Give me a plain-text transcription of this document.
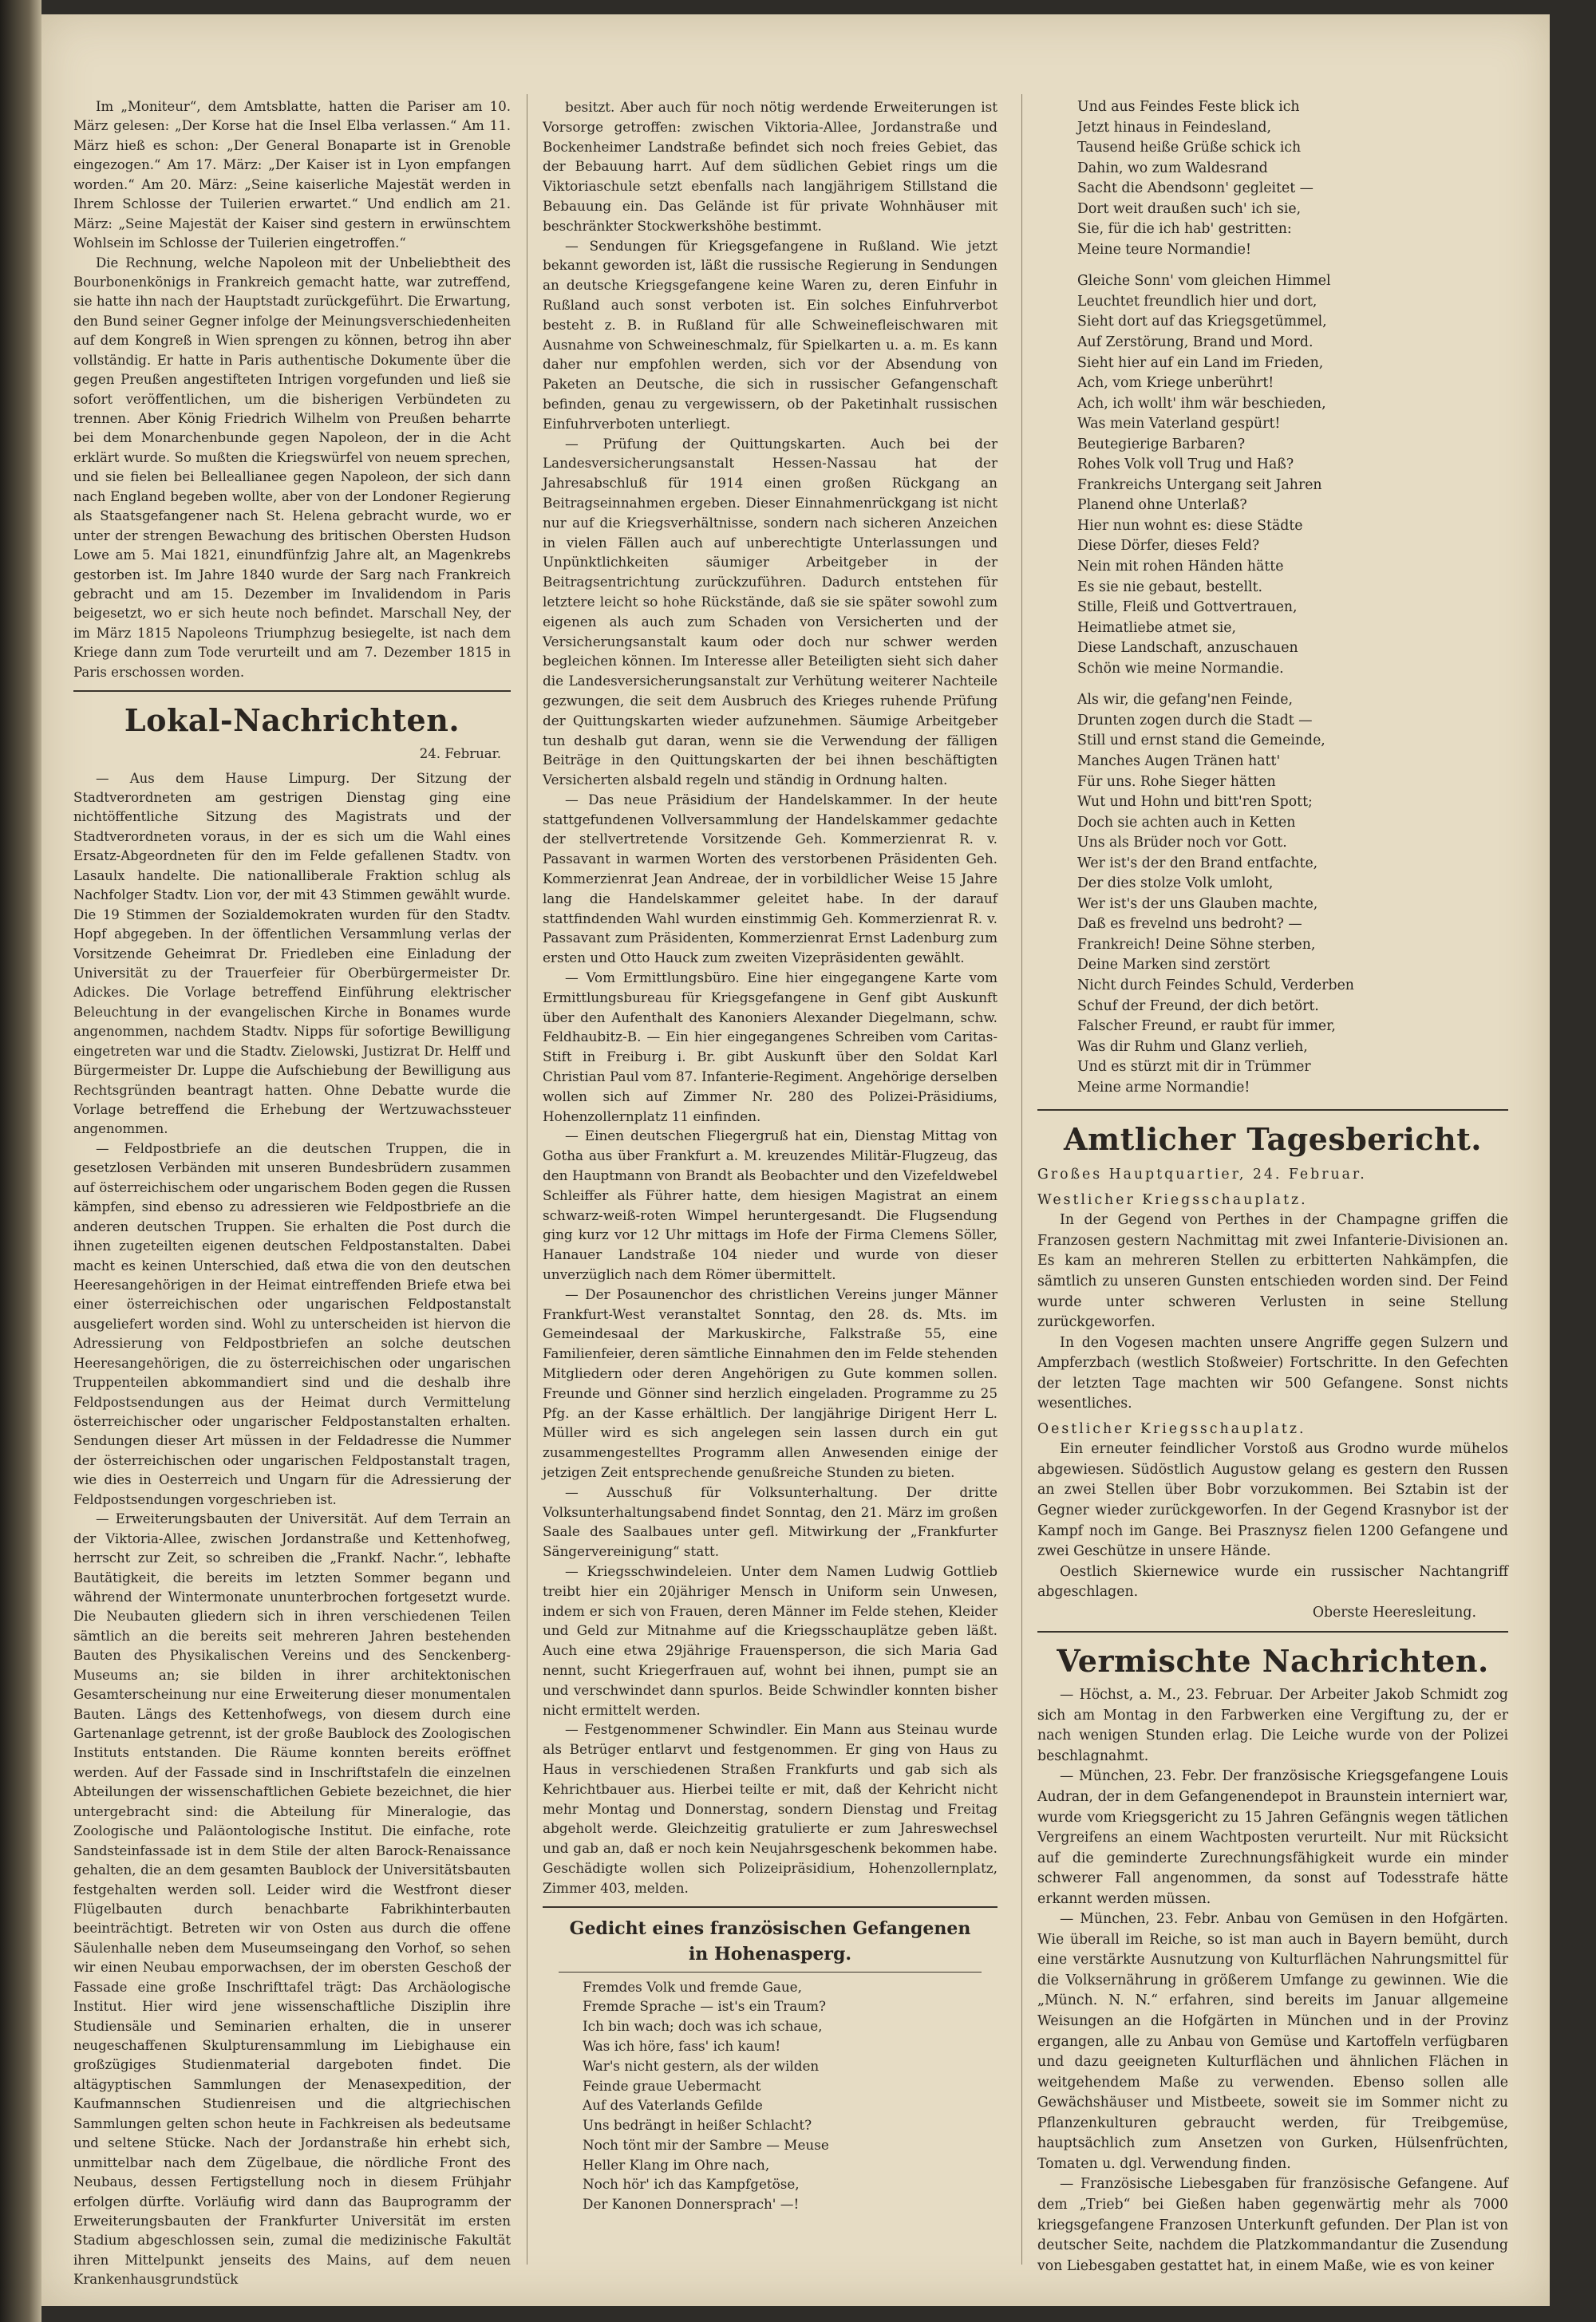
Im „Moniteur“, dem Amtsblatte, hatten die Pariser am 10. März gelesen: „Der Korse hat die Insel Elba verlassen.“ Am 11. März hieß es schon: „Der General Bonaparte ist in Grenoble eingezogen.“ Am 17. März: „Der Kaiser ist in Lyon empfangen worden.“ Am 20. März: „Seine kaiserliche Majestät werden in Ihrem Schlosse der Tuilerien erwartet.“ Und endlich am 21. März: „Seine Majestät der Kaiser sind gestern in erwünschtem Wohlsein im Schlosse der Tuilerien eingetroffen.“

Die Rechnung, welche Napoleon mit der Unbeliebtheit des Bourbonenkönigs in Frankreich gemacht hatte, war zutreffend, sie hatte ihn nach der Hauptstadt zurückgeführt. Die Erwartung, den Bund seiner Gegner infolge der Meinungsverschiedenheiten auf dem Kongreß in Wien sprengen zu können, betrog ihn aber vollständig. Er hatte in Paris authentische Dokumente über die gegen Preußen angestifteten Intrigen vorgefunden und ließ sie sofort veröffentlichen, um die bisherigen Verbündeten zu trennen. Aber König Friedrich Wilhelm von Preußen beharrte bei dem Monarchenbunde gegen Napoleon, der in die Acht erklärt wurde. So mußten die Kriegswürfel von neuem sprechen, und sie fielen bei Belleallianee gegen Napoleon, der sich dann nach England begeben wollte, aber von der Londoner Regierung als Staatsgefangener nach St. Helena gebracht wurde, wo er unter der strengen Bewachung des britischen Obersten Hudson Lowe am 5. Mai 1821, einundfünfzig Jahre alt, an Magenkrebs gestorben ist. Im Jahre 1840 wurde der Sarg nach Frankreich gebracht und am 15. Dezember im Invalidendom in Paris beigesetzt, wo er sich heute noch befindet. Marschall Ney, der im März 1815 Napoleons Triumphzug besiegelte, ist nach dem Kriege dann zum Tode verurteilt und am 7. Dezember 1815 in Paris erschossen worden.

Lokal-Nachrichten.
24. Februar.

— Aus dem Hause Limpurg. Der Sitzung der Stadtverordneten am gestrigen Dienstag ging eine nichtöffentliche Sitzung des Magistrats und der Stadtverordneten voraus, in der es sich um die Wahl eines Ersatz-Abgeordneten für den im Felde gefallenen Stadtv. von Lasaulx handelte. Die nationalliberale Fraktion schlug als Nachfolger Stadtv. Lion vor, der mit 43 Stimmen gewählt wurde. Die 19 Stimmen der Sozialdemokraten wurden für den Stadtv. Hopf abgegeben. In der öffentlichen Versammlung verlas der Vorsitzende Geheimrat Dr. Friedleben eine Einladung der Universität zu der Trauerfeier für Oberbürgermeister Dr. Adickes. Die Vorlage betreffend Einführung elektrischer Beleuchtung in der evangelischen Kirche in Bonames wurde angenommen, nachdem Stadtv. Nipps für sofortige Bewilligung eingetreten war und die Stadtv. Zielowski, Justizrat Dr. Helff und Bürgermeister Dr. Luppe die Aufschiebung der Bewilligung aus Rechtsgründen beantragt hatten. Ohne Debatte wurde die Vorlage betreffend die Erhebung der Wertzuwachssteuer angenommen.

— Feldpostbriefe an die deutschen Truppen, die in gesetzlosen Verbänden mit unseren Bundesbrüdern zusammen auf österreichischem oder ungarischem Boden gegen die Russen kämpfen, sind ebenso zu adressieren wie Feldpostbriefe an die anderen deutschen Truppen. Sie erhalten die Post durch die ihnen zugeteilten eigenen deutschen Feldpostanstalten. Dabei macht es keinen Unterschied, daß etwa die von den deutschen Heeresangehörigen in der Heimat eintreffenden Briefe etwa bei einer österreichischen oder ungarischen Feldpostanstalt ausgeliefert worden sind. Wohl zu unterscheiden ist hiervon die Adressierung von Feldpostbriefen an solche deutschen Heeresangehörigen, die zu österreichischen oder ungarischen Truppenteilen abkommandiert sind und die deshalb ihre Feldpostsendungen aus der Heimat durch Vermittelung österreichischer oder ungarischer Feldpostanstalten erhalten. Sendungen dieser Art müssen in der Feldadresse die Nummer der österreichischen oder ungarischen Feldpostanstalt tragen, wie dies in Oesterreich und Ungarn für die Adressierung der Feldpostsendungen vorgeschrieben ist.

— Erweiterungsbauten der Universität. Auf dem Terrain an der Viktoria-Allee, zwischen Jordanstraße und Kettenhofweg, herrscht zur Zeit, so schreiben die „Frankf. Nachr.“, lebhafte Bautätigkeit, die bereits im letzten Sommer begann und während der Wintermonate ununterbrochen fortgesetzt wurde. Die Neubauten gliedern sich in ihren verschiedenen Teilen sämtlich an die bereits seit mehreren Jahren bestehenden Bauten des Physikalischen Vereins und des Senckenberg-Museums an; sie bilden in ihrer architektonischen Gesamterscheinung nur eine Erweiterung dieser monumentalen Bauten. Längs des Kettenhofwegs, von diesem durch eine Gartenanlage getrennt, ist der große Baublock des Zoologischen Instituts entstanden. Die Räume konnten bereits eröffnet werden. Auf der Fassade sind in Inschriftstafeln die einzelnen Abteilungen der wissenschaftlichen Gebiete bezeichnet, die hier untergebracht sind: die Abteilung für Mineralogie, das Zoologische und Paläontologische Institut. Die einfache, rote Sandsteinfassade ist in dem Stile der alten Barock-Renaissance gehalten, die an dem gesamten Baublock der Universitätsbauten festgehalten werden soll. Leider wird die Westfront dieser Flügelbauten durch benachbarte Fabrikhinterbauten beeinträchtigt. Betreten wir von Osten aus durch die offene Säulenhalle neben dem Museumseingang den Vorhof, so sehen wir einen Neubau emporwachsen, der im obersten Geschoß der Fassade eine große Inschrifttafel trägt: Das Archäologische Institut. Hier wird jene wissenschaftliche Disziplin ihre Studiensäle und Seminarien erhalten, die in unserer neugeschaffenen Skulpturensammlung im Liebighause ein großzügiges Studienmaterial dargeboten findet. Die altägyptischen Sammlungen der Menasexpedition, der Kaufmannschen Studienreisen und die altgriechischen Sammlungen gelten schon heute in Fachkreisen als bedeutsame und seltene Stücke. Nach der Jordanstraße hin erhebt sich, unmittelbar nach dem Zügelbaue, die nördliche Front des Neubaus, dessen Fertigstellung noch in diesem Frühjahr erfolgen dürfte. Vorläufig wird dann das Bauprogramm der Erweiterungsbauten der Frankfurter Universität im ersten Stadium abgeschlossen sein, zumal die medizinische Fakultät ihren Mittelpunkt jenseits des Mains, auf dem neuen Krankenhausgrundstück

besitzt. Aber auch für noch nötig werdende Erweiterungen ist Vorsorge getroffen: zwischen Viktoria-Allee, Jordanstraße und Bockenheimer Landstraße befindet sich noch freies Gebiet, das der Bebauung harrt. Auf dem südlichen Gebiet rings um die Viktoriaschule setzt ebenfalls nach langjährigem Stillstand die Bebauung ein. Das Gelände ist für private Wohnhäuser mit beschränkter Stockwerkshöhe bestimmt.

— Sendungen für Kriegsgefangene in Rußland. Wie jetzt bekannt geworden ist, läßt die russische Regierung in Sendungen an deutsche Kriegsgefangene keine Waren zu, deren Einfuhr in Rußland auch sonst verboten ist. Ein solches Einfuhrverbot besteht z. B. in Rußland für alle Schweinefleischwaren mit Ausnahme von Schweineschmalz, für Spielkarten u. a. m. Es kann daher nur empfohlen werden, sich vor der Absendung von Paketen an Deutsche, die sich in russischer Gefangenschaft befinden, genau zu vergewissern, ob der Paketinhalt russischen Einfuhrverboten unterliegt.

— Prüfung der Quittungskarten. Auch bei der Landesversicherungsanstalt Hessen-Nassau hat der Jahresabschluß für 1914 einen großen Rückgang an Beitragseinnahmen ergeben. Dieser Einnahmenrückgang ist nicht nur auf die Kriegsverhältnisse, sondern nach sicheren Anzeichen in vielen Fällen auch auf unberechtigte Unterlassungen und Unpünktlichkeiten säumiger Arbeitgeber in der Beitragsentrichtung zurückzuführen. Dadurch entstehen für letztere leicht so hohe Rückstände, daß sie sie später sowohl zum eigenen als auch zum Schaden von Versicherten und der Versicherungsanstalt kaum oder doch nur schwer werden begleichen können. Im Interesse aller Beteiligten sieht sich daher die Landesversicherungsanstalt zur Verhütung weiterer Nachteile gezwungen, die seit dem Ausbruch des Krieges ruhende Prüfung der Quittungskarten wieder aufzunehmen. Säumige Arbeitgeber tun deshalb gut daran, wenn sie die Verwendung der fälligen Beiträge in den Quittungskarten der bei ihnen beschäftigten Versicherten alsbald regeln und ständig in Ordnung halten.

— Das neue Präsidium der Handelskammer. In der heute stattgefundenen Vollversammlung der Handelskammer gedachte der stellvertretende Vorsitzende Geh. Kommerzienrat R. v. Passavant in warmen Worten des verstorbenen Präsidenten Geh. Kommerzienrat Jean Andreae, der in vorbildlicher Weise 15 Jahre lang die Handelskammer geleitet habe. In der darauf stattfindenden Wahl wurden einstimmig Geh. Kommerzienrat R. v. Passavant zum Präsidenten, Kommerzienrat Ernst Ladenburg zum ersten und Otto Hauck zum zweiten Vizepräsidenten gewählt.

— Vom Ermittlungsbüro. Eine hier eingegangene Karte vom Ermittlungsbureau für Kriegsgefangene in Genf gibt Auskunft über den Aufenthalt des Kanoniers Alexander Diegelmann, schw. Feldhaubitz-B. — Ein hier eingegangenes Schreiben vom Caritas-Stift in Freiburg i. Br. gibt Auskunft über den Soldat Karl Christian Paul vom 87. Infanterie-Regiment. Angehörige derselben wollen sich auf Zimmer Nr. 280 des Polizei-Präsidiums, Hohenzollernplatz 11 einfinden.

— Einen deutschen Fliegergruß hat ein, Dienstag Mittag von Gotha aus über Frankfurt a. M. kreuzendes Militär-Flugzeug, das den Hauptmann von Brandt als Beobachter und den Vizefeldwebel Schleiffer als Führer hatte, dem hiesigen Magistrat an einem schwarz-weiß-roten Wimpel heruntergesandt. Die Flugsendung ging kurz vor 12 Uhr mittags im Hofe der Firma Clemens Söller, Hanauer Landstraße 104 nieder und wurde von dieser unverzüglich nach dem Römer übermittelt.

— Der Posaunenchor des christlichen Vereins junger Männer Frankfurt-West veranstaltet Sonntag, den 28. ds. Mts. im Gemeindesaal der Markuskirche, Falkstraße 55, eine Familienfeier, deren sämtliche Einnahmen den im Felde stehenden Mitgliedern oder deren Angehörigen zu Gute kommen sollen. Freunde und Gönner sind herzlich eingeladen. Programme zu 25 Pfg. an der Kasse erhältlich. Der langjährige Dirigent Herr L. Müller wird es sich angelegen sein lassen durch ein gut zusammengestelltes Programm allen Anwesenden einige der jetzigen Zeit entsprechende genußreiche Stunden zu bieten.

— Ausschuß für Volksunterhaltung. Der dritte Volksunterhaltungsabend findet Sonntag, den 21. März im großen Saale des Saalbaues unter gefl. Mitwirkung der „Frankfurter Sängervereinigung“ statt.

— Kriegsschwindeleien. Unter dem Namen Ludwig Gottlieb treibt hier ein 20jähriger Mensch in Uniform sein Unwesen, indem er sich von Frauen, deren Männer im Felde stehen, Kleider und Geld zur Mitnahme auf die Kriegsschauplätze geben läßt. Auch eine etwa 29jährige Frauensperson, die sich Maria Gad nennt, sucht Kriegerfrauen auf, wohnt bei ihnen, pumpt sie an und verschwindet dann spurlos. Beide Schwindler konnten bisher nicht ermittelt werden.

— Festgenommener Schwindler. Ein Mann aus Steinau wurde als Betrüger entlarvt und festgenommen. Er ging von Haus zu Haus in verschiedenen Straßen Frankfurts und gab sich als Kehrichtbauer aus. Hierbei teilte er mit, daß der Kehricht nicht mehr Montag und Donnerstag, sondern Dienstag und Freitag abgeholt werde. Gleichzeitig gratulierte er zum Jahreswechsel und gab an, daß er noch kein Neujahrsgeschenk bekommen habe. Geschädigte wollen sich Polizeipräsidium, Hohenzollernplatz, Zimmer 403, melden.

Gedicht eines französischen Gefangenen
in Hohenasperg.
Fremdes Volk und fremde Gaue,
Fremde Sprache — ist's ein Traum?
Ich bin wach; doch was ich schaue,
Was ich höre, fass' ich kaum!
War's nicht gestern, als der wilden
Feinde graue Uebermacht
Auf des Vaterlands Gefilde
Uns bedrängt in heißer Schlacht?
Noch tönt mir der Sambre — Meuse
Heller Klang im Ohre nach,
Noch hör' ich das Kampfgetöse,
Der Kanonen Donnersprach' —!
Und aus Feindes Feste blick ich
Jetzt hinaus in Feindesland,
Tausend heiße Grüße schick ich
Dahin, wo zum Waldesrand
Sacht die Abendsonn' gegleitet —
Dort weit draußen such' ich sie,
Sie, für die ich hab' gestritten:
Meine teure Normandie!
Gleiche Sonn' vom gleichen Himmel
Leuchtet freundlich hier und dort,
Sieht dort auf das Kriegsgetümmel,
Auf Zerstörung, Brand und Mord.
Sieht hier auf ein Land im Frieden,
Ach, vom Kriege unberührt!
Ach, ich wollt' ihm wär beschieden,
Was mein Vaterland gespürt!
Beutegierige Barbaren?
Rohes Volk voll Trug und Haß?
Frankreichs Untergang seit Jahren
Planend ohne Unterlaß?
Hier nun wohnt es: diese Städte
Diese Dörfer, dieses Feld?
Nein mit rohen Händen hätte
Es sie nie gebaut, bestellt.
Stille, Fleiß und Gottvertrauen,
Heimatliebe atmet sie,
Diese Landschaft, anzuschauen
Schön wie meine Normandie.
Als wir, die gefang'nen Feinde,
Drunten zogen durch die Stadt —
Still und ernst stand die Gemeinde,
Manches Augen Tränen hatt'
Für uns. Rohe Sieger hätten
Wut und Hohn und bitt'ren Spott;
Doch sie achten auch in Ketten
Uns als Brüder noch vor Gott.
Wer ist's der den Brand entfachte,
Der dies stolze Volk umloht,
Wer ist's der uns Glauben machte,
Daß es frevelnd uns bedroht? —
Frankreich! Deine Söhne sterben,
Deine Marken sind zerstört
Nicht durch Feindes Schuld, Verderben
Schuf der Freund, der dich betört.
Falscher Freund, er raubt für immer,
Was dir Ruhm und Glanz verlieh,
Und es stürzt mit dir in Trümmer
Meine arme Normandie!
Amtlicher Tagesbericht.

Großes Hauptquartier, 24. Februar.

Westlicher Kriegsschauplatz.

In der Gegend von Perthes in der Champagne griffen die Franzosen gestern Nachmittag mit zwei Infanterie-Divisionen an. Es kam an mehreren Stellen zu erbitterten Nahkämpfen, die sämtlich zu unseren Gunsten entschieden worden sind. Der Feind wurde unter schweren Verlusten in seine Stellung zurückgeworfen.

In den Vogesen machten unsere Angriffe gegen Sulzern und Ampferzbach (westlich Stoßweier) Fortschritte. In den Gefechten der letzten Tage machten wir 500 Gefangene. Sonst nichts wesentliches.

Oestlicher Kriegsschauplatz.

Ein erneuter feindlicher Vorstoß aus Grodno wurde mühelos abgewiesen. Südöstlich Augustow gelang es gestern den Russen an zwei Stellen über Bobr vorzukommen. Bei Sztabin ist der Gegner wieder zurückgeworfen. In der Gegend Krasnybor ist der Kampf noch im Gange. Bei Prasznysz fielen 1200 Gefangene und zwei Geschütze in unsere Hände.

Oestlich Skiernewice wurde ein russischer Nachtangriff abgeschlagen.

Oberste Heeresleitung.
Vermischte Nachrichten.

— Höchst, a. M., 23. Februar. Der Arbeiter Jakob Schmidt zog sich am Montag in den Farbwerken eine Vergiftung zu, der er nach wenigen Stunden erlag. Die Leiche wurde von der Polizei beschlagnahmt.

— München, 23. Febr. Der französische Kriegsgefangene Louis Audran, der in dem Gefangenendepot in Braunstein interniert war, wurde vom Kriegsgericht zu 15 Jahren Gefängnis wegen tätlichen Vergreifens an einem Wachtposten verurteilt. Nur mit Rücksicht auf die geminderte Zurechnungsfähigkeit wurde ein minder schwerer Fall angenommen, da sonst auf Todesstrafe hätte erkannt werden müssen.

— München, 23. Febr. Anbau von Gemüsen in den Hofgärten. Wie überall im Reiche, so ist man auch in Bayern bemüht, durch eine verstärkte Ausnutzung von Kulturflächen Nahrungsmittel für die Volksernährung in größerem Umfange zu gewinnen. Wie die „Münch. N. N.“ erfahren, sind bereits im Januar allgemeine Weisungen an die Hofgärten in München und in der Provinz ergangen, alle zu Anbau von Gemüse und Kartoffeln verfügbaren und dazu geeigneten Kulturflächen und ähnlichen Flächen in weitgehendem Maße zu verwenden. Ebenso sollen alle Gewächshäuser und Mistbeete, soweit sie im Sommer nicht zu Pflanzenkulturen gebraucht werden, für Treibgemüse, hauptsächlich zum Ansetzen von Gurken, Hülsenfrüchten, Tomaten u. dgl. Verwendung finden.

— Französische Liebesgaben für französische Gefangene. Auf dem „Trieb“ bei Gießen haben gegenwärtig mehr als 7000 kriegsgefangene Franzosen Unterkunft gefunden. Der Plan ist von deutscher Seite, nachdem die Platzkommandantur die Zusendung von Liebesgaben gestattet hat, in einem Maße, wie es von keiner
